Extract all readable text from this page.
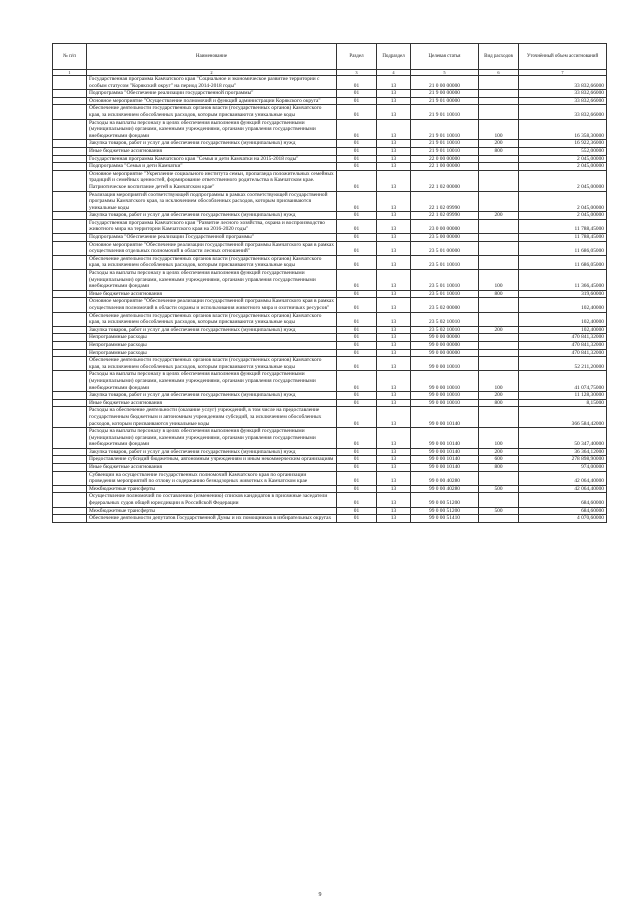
№ п/п	Наименование	Раздел	Подраздел	Целевая статья	Вид расходов	Уточнённый объем ассигнований
1	2	3	4	5	6	7
	Государственная программа Камчатского края "Социальное и экономическое развитие территории с особым статусом "Корякский округ" на период 2014-2018 годы"	01	13	21 0 00 00000		33 832,66000
	Подпрограмма "Обеспечение реализации государственной программы"	01	13	21 9 00 00000		33 832,66000
	Основное мероприятие "Осуществление полномочий и функций администрации Корякского округа"	01	13	21 9 01 00000		33 832,66000
	Обеспечение деятельности государственных органов власти (государственных органов) Камчатского края, за исключением обособленных расходов, которым присваиваются уникальные коды	01	13	21 9 01 10010		33 832,66000
	Расходы на выплаты персоналу в целях обеспечения выполнения функций государственными (муниципальными) органами, казенными учреждениями, органами управления государственными внебюджетными фондами	01	13	21 9 01 10010	100	16 358,30000
	Закупка товаров, работ и услуг для обеспечения государственных (муниципальных) нужд	01	13	21 9 01 10010	200	16 922,36000
	Иные бюджетные ассигнования	01	13	21 9 01 10010	800	552,00000
	Государственная программа Камчатского края "Семья и дети Камчатки на 2015-2018 годы"	01	13	22 0 00 00000		2 045,00000
	Подпрограмма "Семья и дети Камчатки"	01	13	22 1 00 00000		2 045,00000
	Основное мероприятие "Укрепление социального института семьи, пропаганда положительных семейных традиций и семейных ценностей, формирование ответственного родительства в Камчатском крае. Патриотическое воспитание детей в Камчатском крае"	01	13	22 1 02 00000		2 045,00000
	Реализация мероприятий соответствующей подпрограммы в рамках соответствующей государственной программы Камчатского края, за исключением обособленных расходов, которым присваиваются уникальные коды	01	13	22 1 02 09990		2 045,00000
	Закупка товаров, работ и услуг для обеспечения государственных (муниципальных) нужд	01	13	22 1 02 09990	200	2 045,00000
	Государственная программа Камчатского края "Развитие лесного хозяйства, охрана и воспроизводство животного мира на территории Камчатского края на 2016-2020 годы"	01	13	23 0 00 00000		11 788,45000
	Подпрограмма "Обеспечение реализации Государственной программы"	01	13	23 5 00 00000		11 788,45000
	Основное мероприятие "Обеспечение реализации государственной программы Камчатского края в рамках осуществления отдельных полномочий в области лесных отношений"	01	13	23 5 01 00000		11 686,05000
	Обеспечение деятельности государственных органов власти (государственных органов) Камчатского края, за исключением обособленных расходов, которым присваиваются уникальные коды	01	13	23 5 01 10010		11 686,05000
	Расходы на выплаты персоналу в целях обеспечения выполнения функций государственными (муниципальными) органами, казенными учреждениями, органами управления государственными внебюджетными фондами	01	13	23 5 01 10010	100	11 366,45000
	Иные бюджетные ассигнования	01	13	23 5 01 10010	800	319,60000
	Основное мероприятие "Обеспечение реализации государственной программы Камчатского края в рамках осуществления полномочий в области охраны и использования животного мира и охотничьих ресурсов"	01	13	23 5 02 00000		102,40000
	Обеспечение деятельности государственных органов власти (государственных органов) Камчатского края, за исключением обособленных расходов, которым присваиваются уникальные коды	01	13	23 5 02 10010		102,40000
	Закупка товаров, работ и услуг для обеспечения государственных (муниципальных) нужд	01	13	23 5 02 10010	200	102,40000
	Непрограммные расходы	01	13	99 0 00 00000		470 841,32000
	Непрограммные расходы	01	13	99 0 00 00000		470 841,32000
	Непрограммные расходы	01	13	99 0 00 00000		470 841,32000
	Обеспечение деятельности государственных органов власти (государственных органов) Камчатского края, за исключением обособленных расходов, которым присваиваются уникальные коды	01	13	99 0 00 10010		52 211,20000
	Расходы на выплаты персоналу в целях обеспечения выполнения функций государственными (муниципальными) органами, казенными учреждениями, органами управления государственными внебюджетными фондами	01	13	99 0 00 10010	100	41 074,75000
	Закупка товаров, работ и услуг для обеспечения государственных (муниципальных) нужд	01	13	99 0 00 10010	200	11 128,30000
	Иные бюджетные ассигнования	01	13	99 0 00 10010	800	8,15000
	Расходы на обеспечение деятельности (оказание услуг) учреждений, в том числе на предоставление государственным бюджетным и автономным учреждениям субсидий, за исключением обособленных расходов, которым присваиваются уникальные коды	01	13	99 0 00 10140		366 584,42000
	Расходы на выплаты персоналу в целях обеспечения выполнения функций государственными (муниципальными) органами, казенными учреждениями, органами управления государственными внебюджетными фондами	01	13	99 0 00 10140	100	50 347,40000
	Закупка товаров, работ и услуг для обеспечения государственных (муниципальных) нужд	01	13	99 0 00 10140	200	36 364,12000
	Предоставление субсидий бюджетным, автономным учреждениям и иным некоммерческим организациям	01	13	99 0 00 10140	600	278 898,90000
	Иные бюджетные ассигнования	01	13	99 0 00 10140	800	974,00000
	Субвенции на осуществление государственных полномочий Камчатского края по организации проведения мероприятий по отлову и содержанию безнадзорных животных в Камчатском крае	01	13	99 0 00 40280		42 064,40000
	Межбюджетные трансферты	01	13	99 0 00 40280	500	42 064,40000
	Осуществление полномочий по составлению (изменению) списков кандидатов в присяжные заседатели федеральных судов общей юрисдикции в Российской Федерации	01	13	99 0 00 51200		684,60000
	Межбюджетные трансферты	01	13	99 0 00 51200	500	684,60000
	Обеспечение деятельности депутатов Государственной Думы и их помощников в избирательных округах	01	13	99 0 00 51410		4 070,60000
9
